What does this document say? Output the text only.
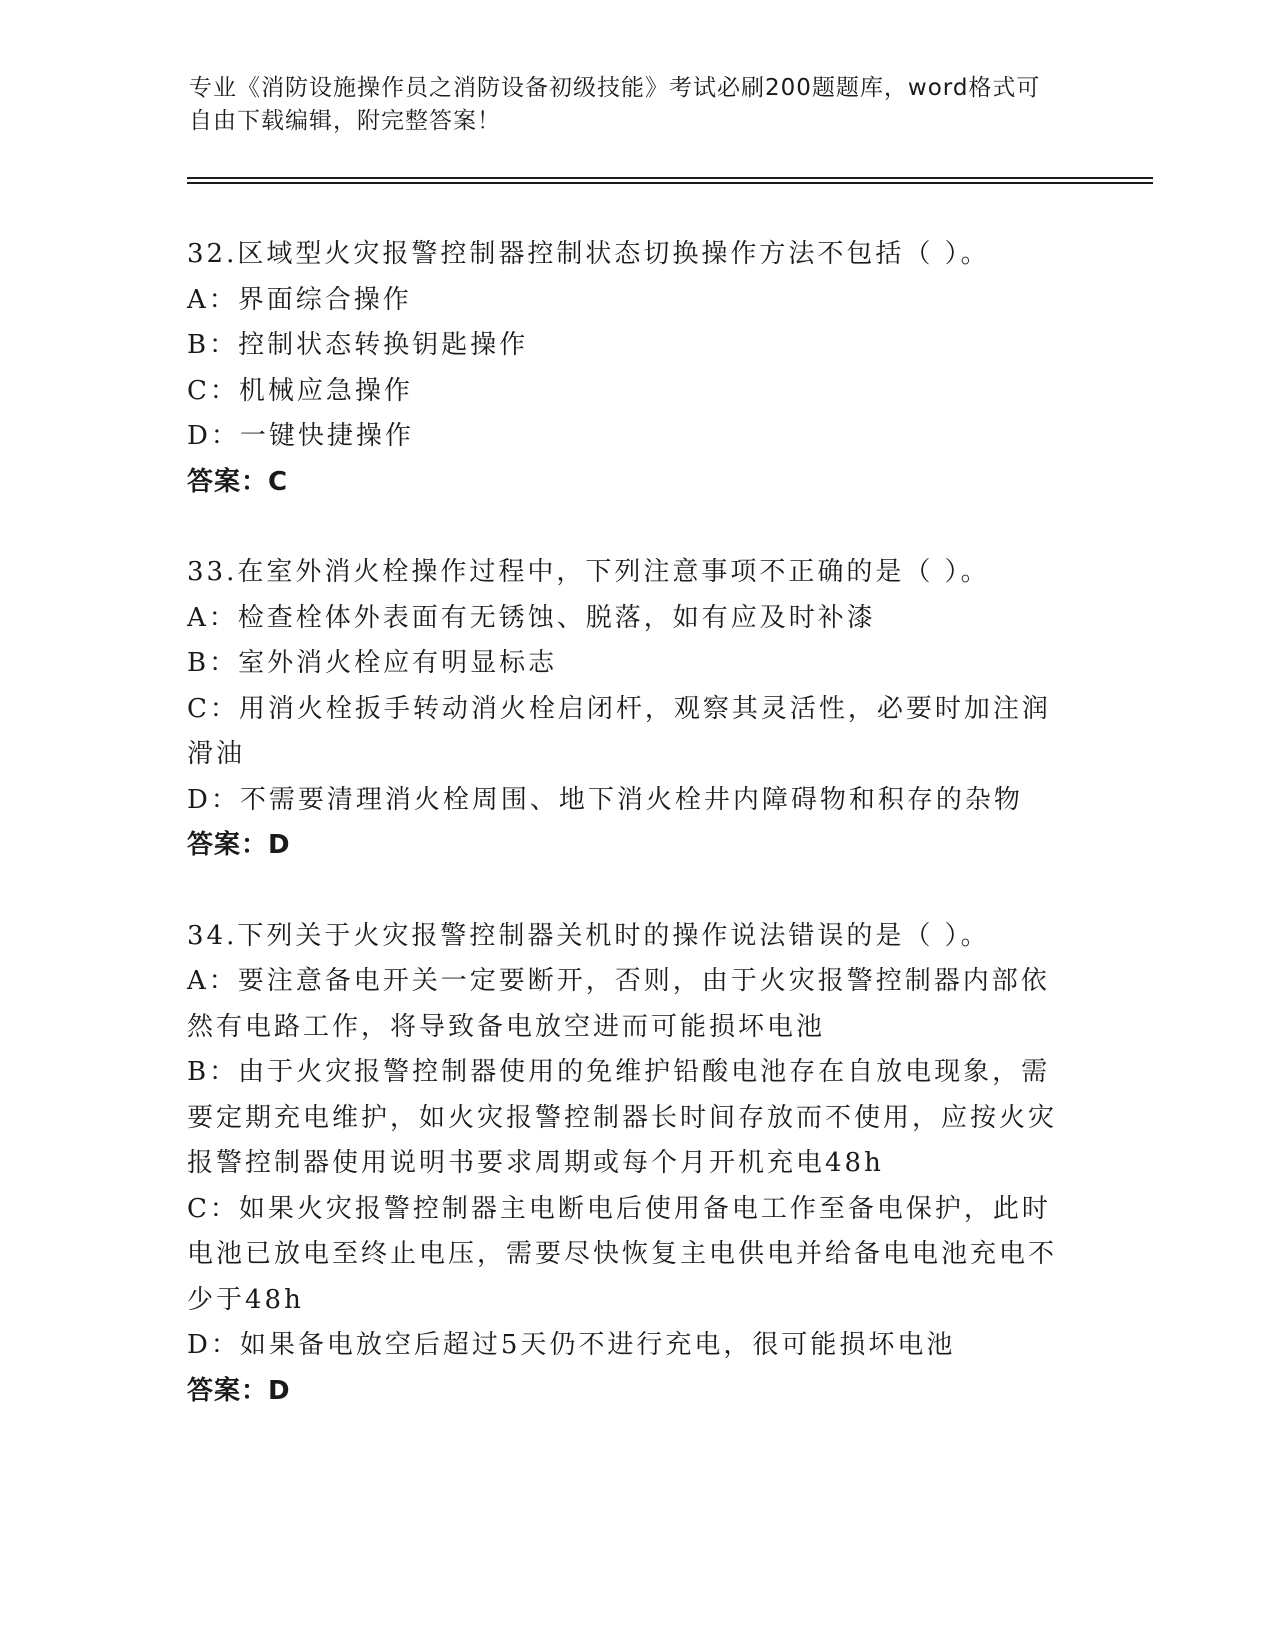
专业《消防设施操作员之消防设备初级技能》考试必刷200题题库，word格式可
自由下载编辑，附完整答案！

32.区域型火灾报警控制器控制状态切换操作方法不包括（ ）。

A：界面综合操作

B：控制状态转换钥匙操作

C：机械应急操作

D：一键快捷操作

答案：C

33.在室外消火栓操作过程中，下列注意事项不正确的是（ ）。

A：检查栓体外表面有无锈蚀、脱落，如有应及时补漆

B：室外消火栓应有明显标志

C：用消火栓扳手转动消火栓启闭杆，观察其灵活性，必要时加注润滑油

D：不需要清理消火栓周围、地下消火栓井内障碍物和积存的杂物

答案：D

34.下列关于火灾报警控制器关机时的操作说法错误的是（ ）。

A：要注意备电开关一定要断开，否则，由于火灾报警控制器内部依然有电路工作，将导致备电放空进而可能损坏电池

B：由于火灾报警控制器使用的免维护铅酸电池存在自放电现象，需要定期充电维护，如火灾报警控制器长时间存放而不使用，应按火灾报警控制器使用说明书要求周期或每个月开机充电48h

C：如果火灾报警控制器主电断电后使用备电工作至备电保护，此时电池已放电至终止电压，需要尽快恢复主电供电并给备电电池充电不少于48h

D：如果备电放空后超过5天仍不进行充电，很可能损坏电池

答案：D
